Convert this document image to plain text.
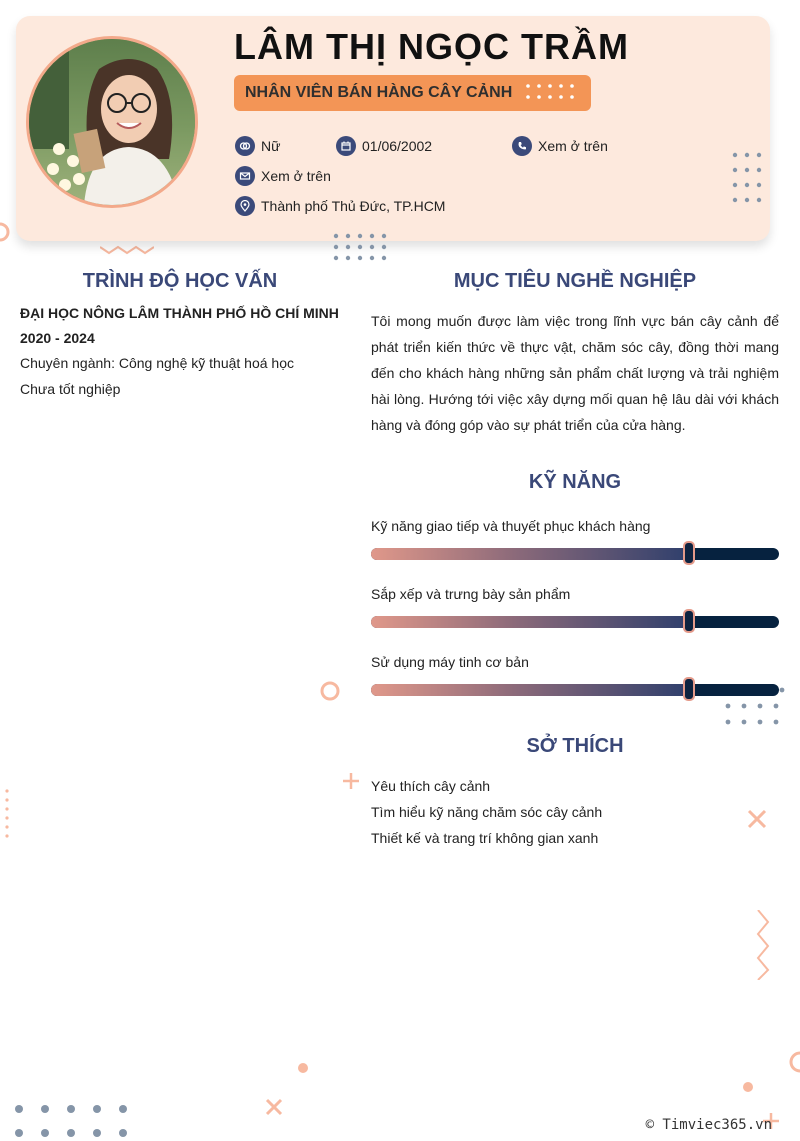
LÂM THỊ NGỌC TRẦM
NHÂN VIÊN BÁN HÀNG CÂY CẢNH
Nữ	01/06/2002	Xem ở trên
Xem ở trên
Thành phố Thủ Đức, TP.HCM
TRÌNH ĐỘ HỌC VẤN
ĐẠI HỌC NÔNG LÂM THÀNH PHỐ HỒ CHÍ MINH
2020 - 2024
Chuyên ngành: Công nghệ kỹ thuật hoá học
Chưa tốt nghiệp
MỤC TIÊU NGHỀ NGHIỆP
Tôi mong muốn được làm việc trong lĩnh vực bán cây cảnh để phát triển kiến thức về thực vật, chăm sóc cây, đồng thời mang đến cho khách hàng những sản phẩm chất lượng và trải nghiệm hài lòng. Hướng tới việc xây dựng mối quan hệ lâu dài với khách hàng và đóng góp vào sự phát triển của cửa hàng.
KỸ NĂNG
Kỹ năng giao tiếp và thuyết phục khách hàng
Sắp xếp và trưng bày sản phẩm
Sử dụng máy tinh cơ bản
SỞ THÍCH
Yêu thích cây cảnh
Tìm hiểu kỹ năng chăm sóc cây cảnh
Thiết kế và trang trí không gian xanh
© Timviec365.vn
